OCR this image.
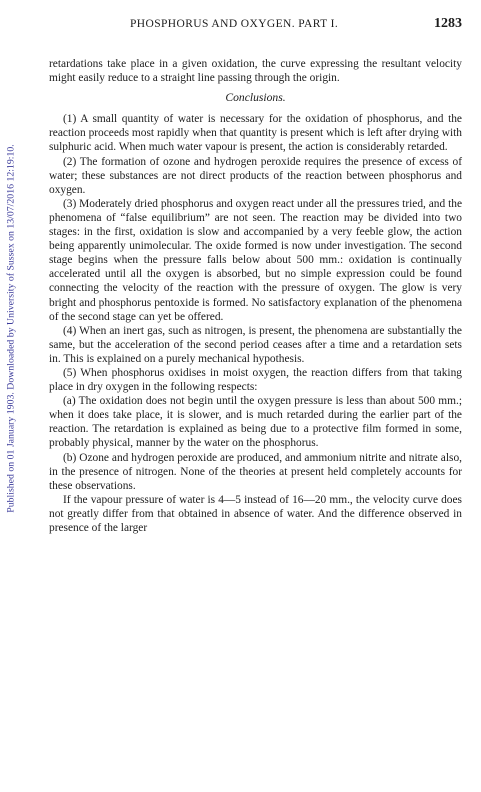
PHOSPHORUS AND OXYGEN. PART I.	1283
Published on 01 January 1903. Downloaded by University of Sussex on 13/07/2016 12:19:10.

retardations take place in a given oxidation, the curve expressing the resultant velocity might easily reduce to a straight line passing through the origin.

Conclusions.

(1) A small quantity of water is necessary for the oxidation of phosphorus, and the reaction proceeds most rapidly when that quantity is present which is left after drying with sulphuric acid. When much water vapour is present, the action is considerably retarded.

(2) The formation of ozone and hydrogen peroxide requires the presence of excess of water; these substances are not direct products of the reaction between phosphorus and oxygen.

(3) Moderately dried phosphorus and oxygen react under all the pressures tried, and the phenomena of “false equilibrium” are not seen. The reaction may be divided into two stages: in the first, oxidation is slow and accompanied by a very feeble glow, the action being apparently unimolecular. The oxide formed is now under investigation. The second stage begins when the pressure falls below about 500 mm.: oxidation is continually accelerated until all the oxygen is absorbed, but no simple expression could be found connecting the velocity of the reaction with the pressure of oxygen. The glow is very bright and phosphorus pentoxide is formed. No satisfactory explanation of the phenomena of the second stage can yet be offered.

(4) When an inert gas, such as nitrogen, is present, the phenomena are substantially the same, but the acceleration of the second period ceases after a time and a retardation sets in. This is explained on a purely mechanical hypothesis.

(5) When phosphorus oxidises in moist oxygen, the reaction differs from that taking place in dry oxygen in the following respects:

(a) The oxidation does not begin until the oxygen pressure is less than about 500 mm.; when it does take place, it is slower, and is much retarded during the earlier part of the reaction. The retardation is explained as being due to a protective film formed in some, probably physical, manner by the water on the phosphorus.

(b) Ozone and hydrogen peroxide are produced, and ammonium nitrite and nitrate also, in the presence of nitrogen. None of the theories at present held completely accounts for these observations.

If the vapour pressure of water is 4—5 instead of 16—20 mm., the velocity curve does not greatly differ from that obtained in absence of water. And the difference observed in presence of the larger
